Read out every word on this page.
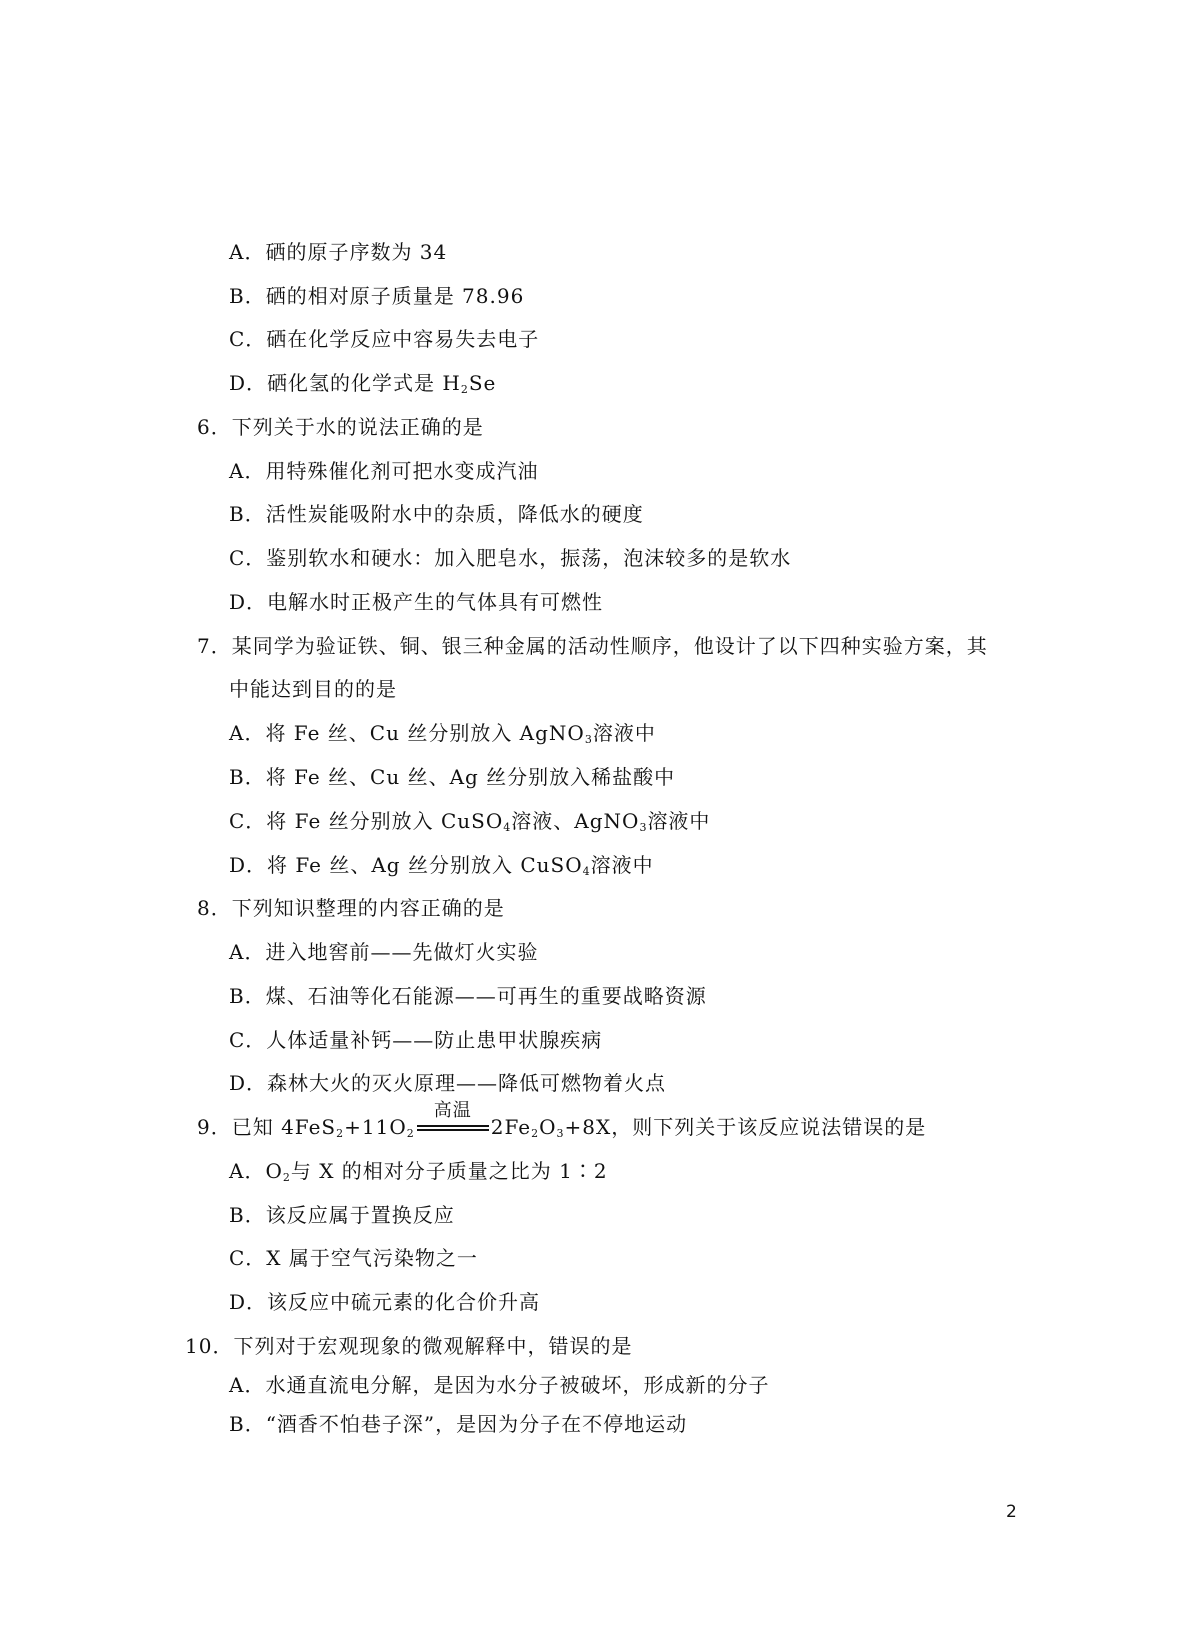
A．硒的原子序数为 34
B．硒的相对原子质量是 78.96
C．硒在化学反应中容易失去电子
D．硒化氢的化学式是 $H_2Se$
6．下列关于水的说法正确的是
A．用特殊催化剂可把水变成汽油
B．活性炭能吸附水中的杂质，降低水的硬度
C．鉴别软水和硬水：加入肥皂水，振荡，泡沫较多的是软水
D．电解水时正极产生的气体具有可燃性
7．某同学为验证铁、铜、银三种金属的活动性顺序，他设计了以下四种实验方案，其
中能达到目的的是
A．将 Fe 丝、Cu 丝分别放入 AgNO$_3$溶液中
B．将 Fe 丝、Cu 丝、Ag 丝分别放入稀盐酸中
C．将 Fe 丝分别放入 CuSO$_4$溶液、AgNO$_3$溶液中
D．将 Fe 丝、Ag 丝分别放入 CuSO$_4$溶液中
8．下列知识整理的内容正确的是
A．进入地窖前——先做灯火实验
B．煤、石油等化石能源——可再生的重要战略资源
C．人体适量补钙——防止患甲状腺疾病
D．森林大火的灭火原理——降低可燃物着火点
9．已知 $4FeS_2+11O_2$
高温
$2Fe_2O_3+8X$，则下列关于该反应说法错误的是
A．$O_2$与 X 的相对分子质量之比为 1∶2
B．该反应属于置换反应
C．X 属于空气污染物之一
D．该反应中硫元素的化合价升高
10．下列对于宏观现象的微观解释中，错误的是
A．水通直流电分解，是因为水分子被破坏，形成新的分子
B．“酒香不怕巷子深”，是因为分子在不停地运动
2
